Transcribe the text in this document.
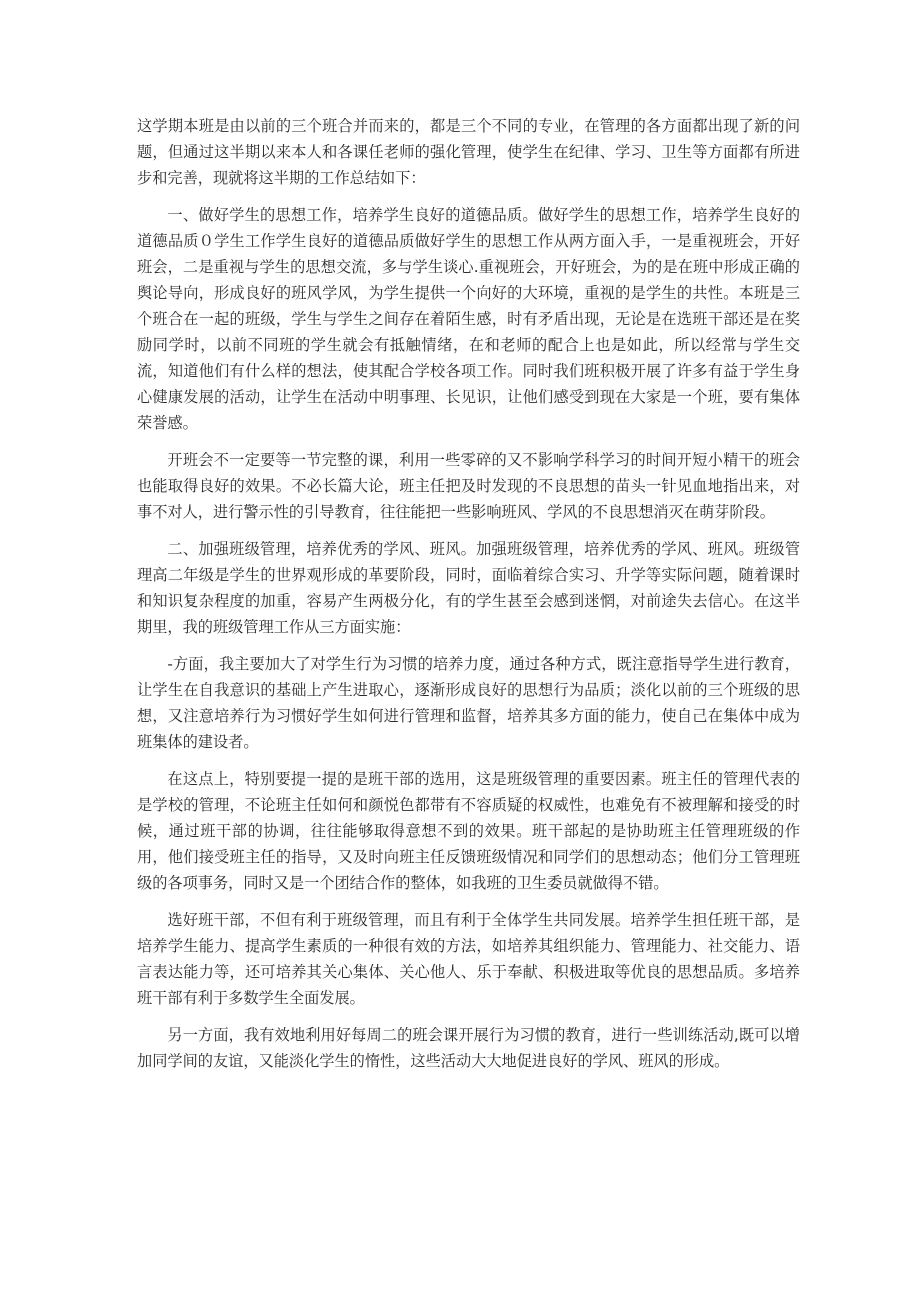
这学期本班是由以前的三个班合并而来的，都是三个不同的专业，在管理的各方面都出现了新的问题，但通过这半期以来本人和各课任老师的强化管理，使学生在纪律、学习、卫生等方面都有所进步和完善，现就将这半期的工作总结如下：

一、做好学生的思想工作，培养学生良好的道德品质。做好学生的思想工作，培养学生良好的道德品质０学生工作学生良好的道德品质做好学生的思想工作从两方面入手，一是重视班会，开好班会，二是重视与学生的思想交流，多与学生谈心.重视班会，开好班会，为的是在班中形成正确的舆论导向，形成良好的班风学风，为学生提供一个向好的大环境，重视的是学生的共性。本班是三个班合在一起的班级，学生与学生之间存在着陌生感，时有矛盾出现，无论是在选班干部还是在奖励同学时，以前不同班的学生就会有抵触情绪，在和老师的配合上也是如此，所以经常与学生交流，知道他们有什么样的想法，使其配合学校各项工作。同时我们班积极开展了许多有益于学生身心健康发展的活动，让学生在活动中明事理、长见识，让他们感受到现在大家是一个班，要有集体荣誉感。

开班会不一定要等一节完整的课，利用一些零碎的又不影响学科学习的时间开短小精干的班会也能取得良好的效果。不必长篇大论，班主任把及时发现的不良思想的苗头一针见血地指出来，对事不对人，进行警示性的引导教育，往往能把一些影响班风、学风的不良思想消灭在萌芽阶段。

二、加强班级管理，培养优秀的学风、班风。加强班级管理，培养优秀的学风、班风。班级管理高二年级是学生的世界观形成的革要阶段，同时，面临着综合实习、升学等实际问题，随着课时和知识复杂程度的加重，容易产生两极分化，有的学生甚至会感到迷惘，对前途失去信心。在这半期里，我的班级管理工作从三方面实施：

-方面，我主要加大了对学生行为习惯的培养力度，通过各种方式，既注意指导学生进行教育，让学生在自我意识的基础上产生进取心，逐渐形成良好的思想行为品质；淡化以前的三个班级的思想，又注意培养行为习惯好学生如何进行管理和监督，培养其多方面的能力，使自己在集体中成为班集体的建设者。

在这点上，特别要提一提的是班干部的选用，这是班级管理的重要因素。班主任的管理代表的是学校的管理，不论班主任如何和颜悦色都带有不容质疑的权威性，也难免有不被理解和接受的时候，通过班干部的协调，往往能够取得意想不到的效果。班干部起的是协助班主任管理班级的作用，他们接受班主任的指导，又及时向班主任反馈班级情况和同学们的思想动态；他们分工管理班级的各项事务，同时又是一个团结合作的整体，如我班的卫生委员就做得不错。

选好班干部，不但有利于班级管理，而且有利于全体学生共同发展。培养学生担任班干部，是培养学生能力、提高学生素质的一种很有效的方法，如培养其组织能力、管理能力、社交能力、语言表达能力等，还可培养其关心集体、关心他人、乐于奉献、积极进取等优良的思想品质。多培养班干部有利于多数学生全面发展。

另一方面，我有效地利用好每周二的班会课开展行为习惯的教育，进行一些训练活动,既可以增加同学间的友谊，又能淡化学生的惰性，这些活动大大地促进良好的学风、班风的形成。
